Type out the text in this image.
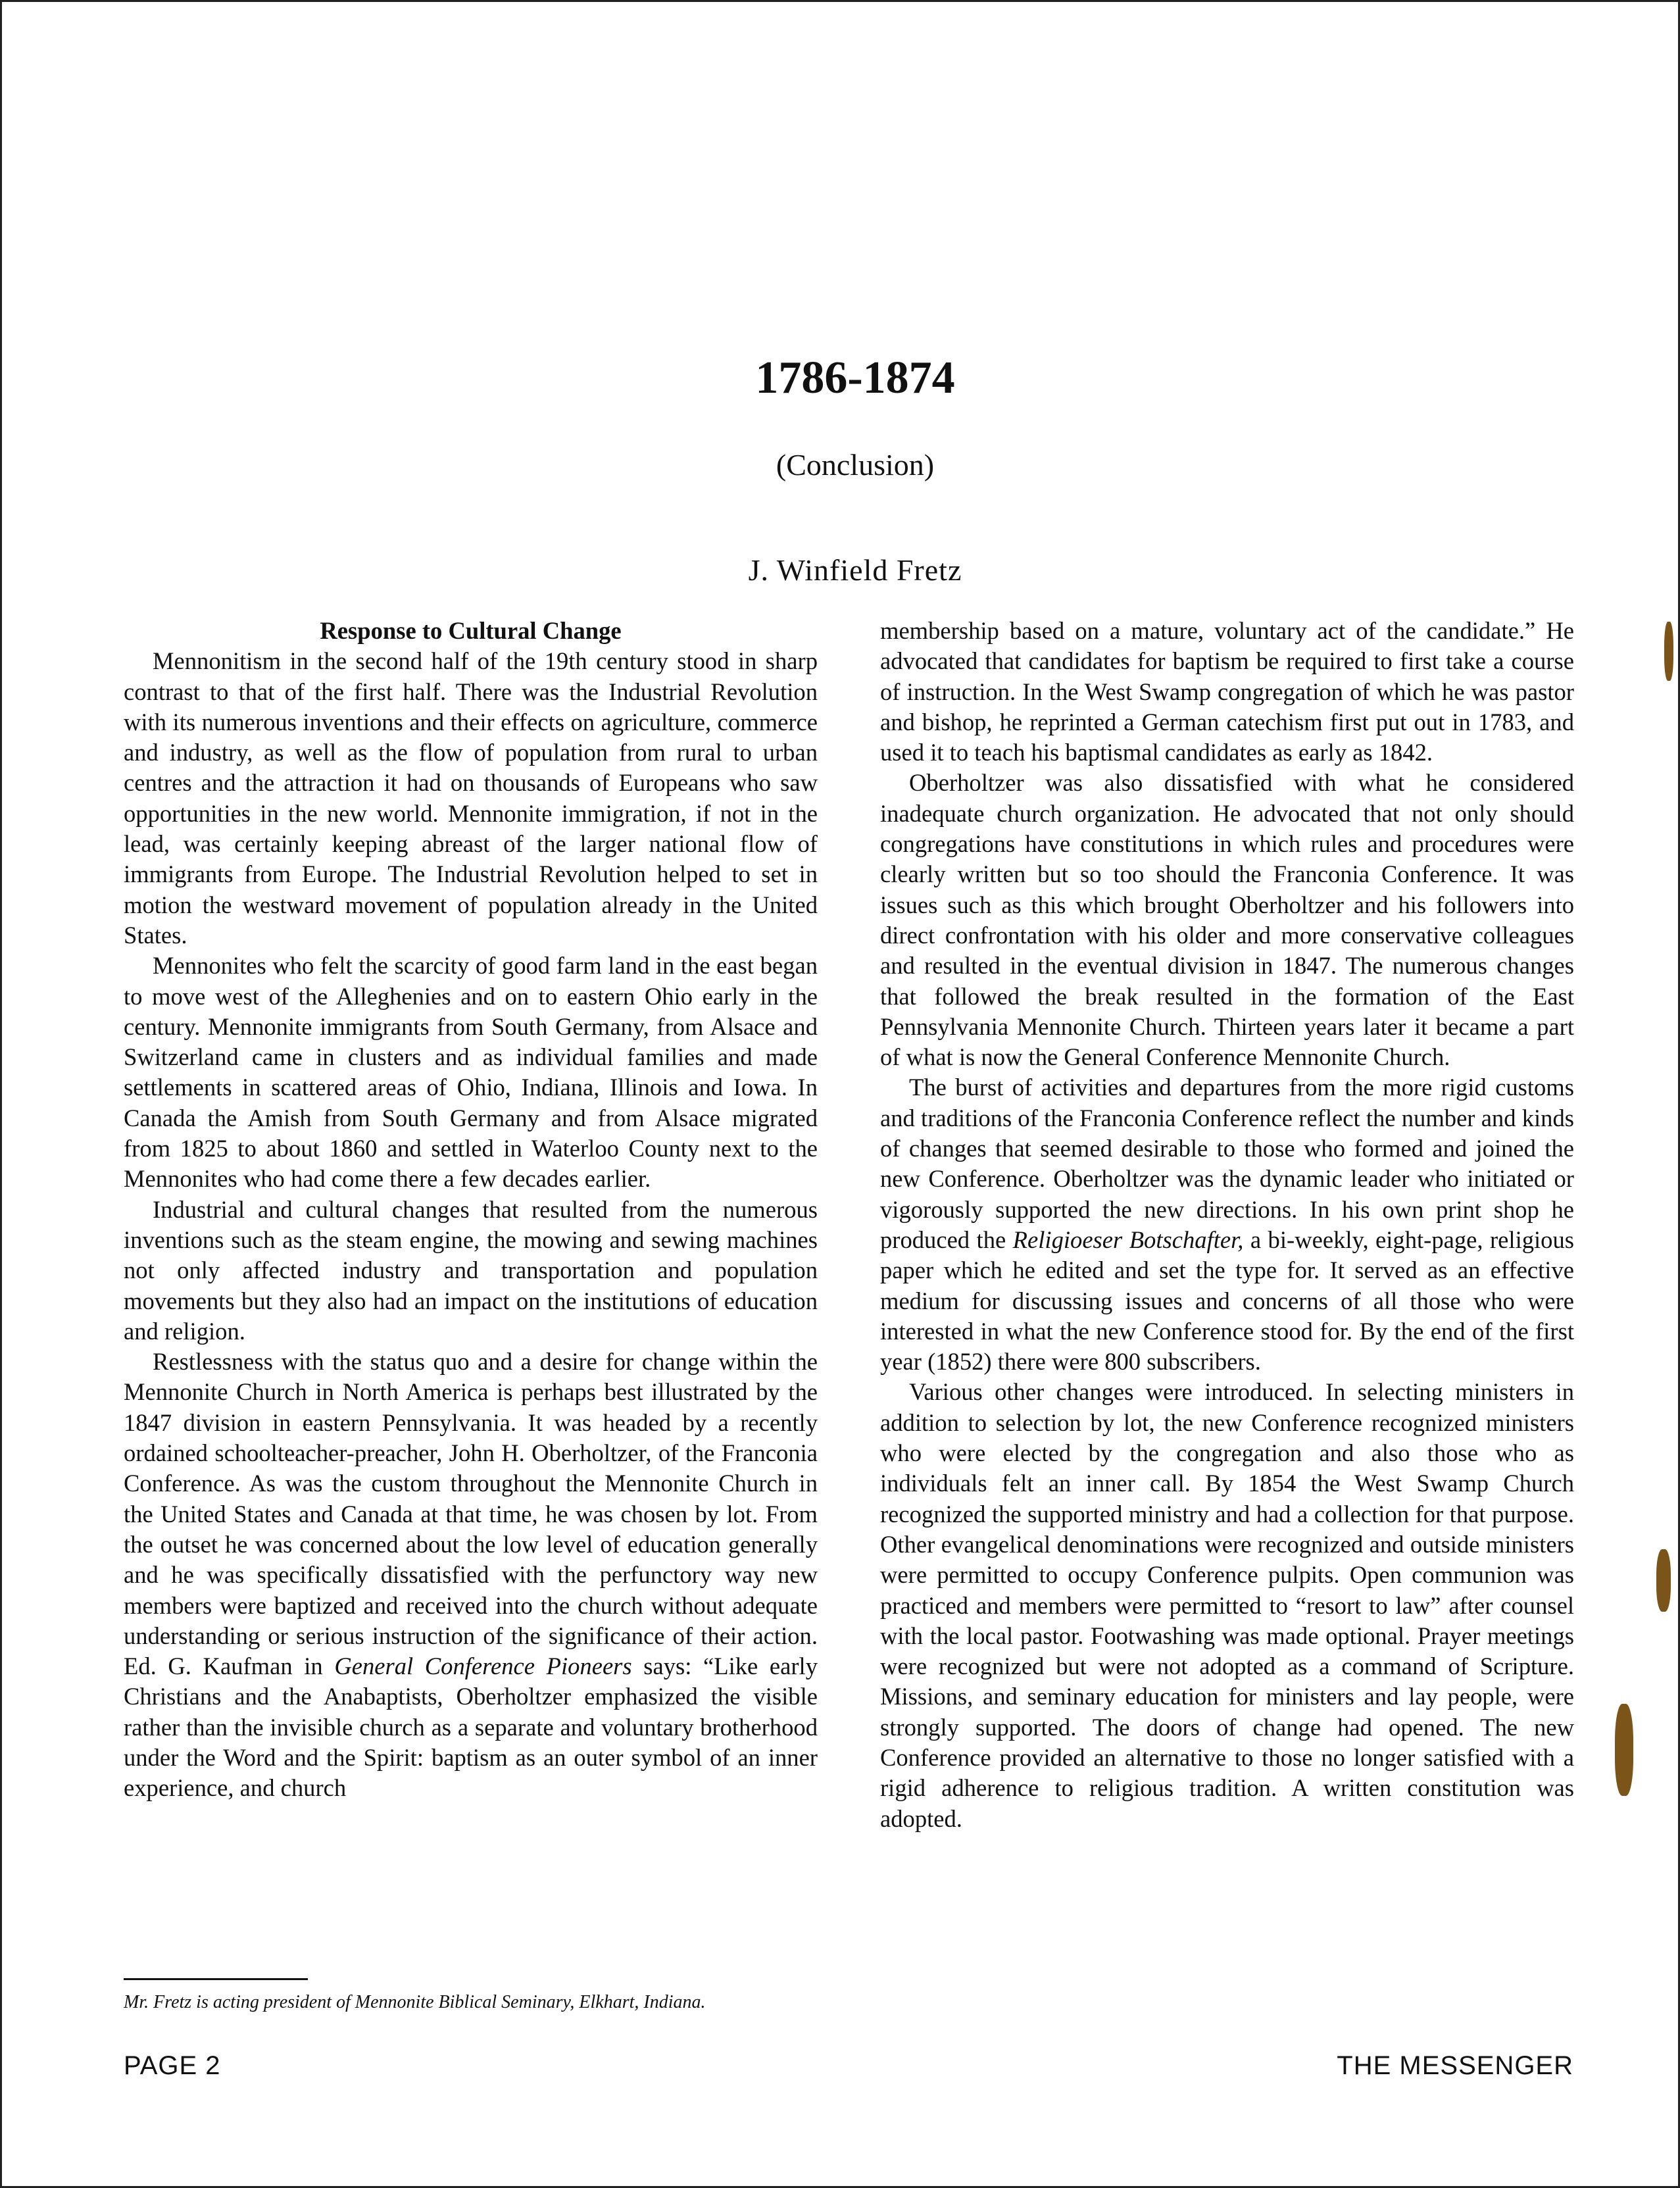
1786-1874

(Conclusion)

J. Winfield Fretz

Response to Cultural Change

Mennonitism in the second half of the 19th century stood in sharp contrast to that of the first half. There was the Industrial Revolution with its numerous inventions and their effects on agriculture, commerce and industry, as well as the flow of population from rural to urban centres and the attraction it had on thousands of Europeans who saw opportunities in the new world. Mennonite immigration, if not in the lead, was certainly keeping abreast of the larger national flow of immigrants from Europe. The Industrial Revolution helped to set in motion the westward movement of population already in the United States.

Mennonites who felt the scarcity of good farm land in the east began to move west of the Alleghenies and on to eastern Ohio early in the century. Mennonite immigrants from South Germany, from Alsace and Switzerland came in clusters and as individual families and made settlements in scattered areas of Ohio, Indiana, Illinois and Iowa. In Canada the Amish from South Germany and from Alsace migrated from 1825 to about 1860 and settled in Waterloo County next to the Mennonites who had come there a few decades earlier.

Industrial and cultural changes that resulted from the numerous inventions such as the steam engine, the mowing and sewing machines not only affected industry and transportation and population movements but they also had an impact on the institutions of education and religion.

Restlessness with the status quo and a desire for change within the Mennonite Church in North America is perhaps best illustrated by the 1847 division in eastern Pennsylvania. It was headed by a recently ordained schoolteacher-preacher, John H. Oberholtzer, of the Franconia Conference. As was the custom throughout the Mennonite Church in the United States and Canada at that time, he was chosen by lot. From the outset he was concerned about the low level of education generally and he was specifically dissatisfied with the perfunctory way new members were baptized and received into the church without adequate understanding or serious instruction of the significance of their action. Ed. G. Kaufman in General Conference Pioneers says: “Like early Christians and the Anabaptists, Oberholtzer emphasized the visible rather than the invisible church as a separate and voluntary brotherhood under the Word and the Spirit: baptism as an outer symbol of an inner experience, and church

membership based on a mature, voluntary act of the candidate.” He advocated that candidates for baptism be required to first take a course of instruction. In the West Swamp congregation of which he was pastor and bishop, he reprinted a German catechism first put out in 1783, and used it to teach his baptismal candidates as early as 1842.

Oberholtzer was also dissatisfied with what he considered inadequate church organization. He advocated that not only should congregations have constitutions in which rules and procedures were clearly written but so too should the Franconia Conference. It was issues such as this which brought Oberholtzer and his followers into direct confrontation with his older and more conservative colleagues and resulted in the eventual division in 1847. The numerous changes that followed the break resulted in the formation of the East Pennsylvania Mennonite Church. Thirteen years later it became a part of what is now the General Conference Mennonite Church.

The burst of activities and departures from the more rigid customs and traditions of the Franconia Conference reflect the number and kinds of changes that seemed desirable to those who formed and joined the new Conference. Oberholtzer was the dynamic leader who initiated or vigorously supported the new directions. In his own print shop he produced the Religioeser Botschafter, a bi-weekly, eight-page, religious paper which he edited and set the type for. It served as an effective medium for discussing issues and concerns of all those who were interested in what the new Conference stood for. By the end of the first year (1852) there were 800 subscribers.

Various other changes were introduced. In selecting ministers in addition to selection by lot, the new Conference recognized ministers who were elected by the congregation and also those who as individuals felt an inner call. By 1854 the West Swamp Church recognized the supported ministry and had a collection for that purpose. Other evangelical denominations were recognized and outside ministers were permitted to occupy Conference pulpits. Open communion was practiced and members were permitted to “resort to law” after counsel with the local pastor. Footwashing was made optional. Prayer meetings were recognized but were not adopted as a command of Scripture. Missions, and seminary education for ministers and lay people, were strongly supported. The doors of change had opened. The new Conference provided an alternative to those no longer satisfied with a rigid adherence to religious tradition. A written constitution was adopted.

Mr. Fretz is acting president of Mennonite Biblical Seminary, Elkhart, Indiana.

PAGE 2	THE MESSENGER
